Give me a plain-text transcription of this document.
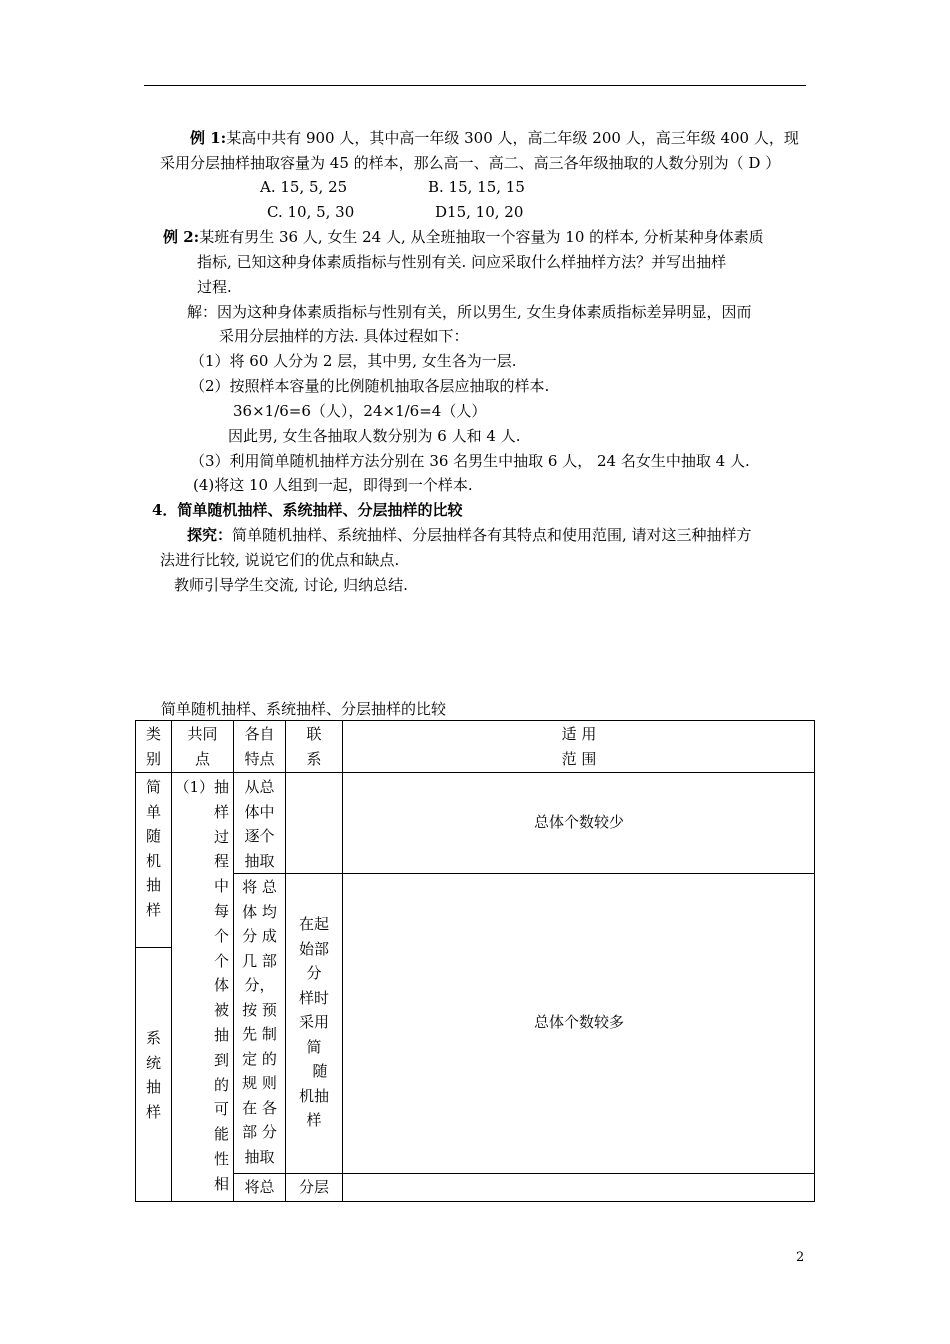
例 1:某高中共有 900 人，其中高一年级 300 人，高二年级 200 人，高三年级 400 人，现
采用分层抽样抽取容量为 45 的样本，那么高一、高二、高三各年级抽取的人数分别为（ D ）
A. 15, 5, 25	B. 15, 15, 15
C. 10, 5, 30	D15, 10, 20
例 2:某班有男生 36 人, 女生 24 人, 从全班抽取一个容量为 10 的样本, 分析某种身体素质
指标, 已知这种身体素质指标与性别有关. 问应采取什么样抽样方法？并写出抽样
过程.
解：因为这种身体素质指标与性别有关，所以男生, 女生身体素质指标差异明显，因而
采用分层抽样的方法. 具体过程如下：
（1）将 60 人分为 2 层，其中男, 女生各为一层.
（2）按照样本容量的比例随机抽取各层应抽取的样本.
36×1/6=6（人），24×1/6=4（人）
因此男, 女生各抽取人数分别为 6 人和 4 人.
（3）利用简单随机抽样方法分别在 36 名男生中抽取 6 人， 24 名女生中抽取 4 人.
(4)将这 10 人组到一起，即得到一个样本.
4．简单随机抽样、系统抽样、分层抽样的比较
探究：简单随机抽样、系统抽样、分层抽样各有其特点和使用范围, 请对这三种抽样方
法进行比较, 说说它们的优点和缺点.
教师引导学生交流, 讨论, 归纳总结.
简单随机抽样、系统抽样、分层抽样的比较
类
别
共同
点
各自
特点
联
系
适 用
范 围
简
单
随
机
抽
样
系
统
抽
样
（1）抽
样
过
程
中
每
个
个
体
被
抽
到
的
可
能
性
相
从总
体中
逐个
抽取
将 总
体 均
分 成
几 部
分，
按 预
先 制
定 的
规 则
在 各
部 分
抽取
将总
在起
始部
分
样时
采用
简
随
机抽
样
分层
总体个数较少
总体个数较多
2
